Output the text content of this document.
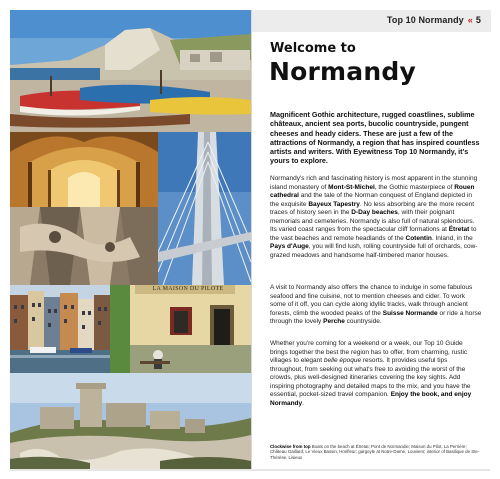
LA MAISON DU PILOTE
Top 10 Normandy « 5
Welcome to
Normandy

Magnificent Gothic architecture, rugged coastlines, sublime châteaux, ancient sea ports, bucolic countryside, pungent cheeses and heady ciders. These are just a few of the attractions of Normandy, a region that has inspired countless artists and writers. With Eyewitness Top 10 Normandy, it's yours to explore.

Normandy's rich and fascinating history is most apparent in the stunning island monastery of Mont-St-Michel, the Gothic masterpiece of Rouen cathedral and the tale of the Norman conquest of England depicted in the exquisite Bayeux Tapestry. No less absorbing are the more recent traces of history seen in the D-Day beaches, with their poignant memorials and cemeteries. Normandy is also full of natural splendours. Its varied coast ranges from the spectacular cliff formations at Étretat to the vast beaches and remote headlands of the Cotentin. Inland, in the Pays d'Auge, you will find lush, rolling countryside full of orchards, cow-grazed meadows and handsome half-timbered manor houses.

A visit to Normandy also offers the chance to indulge in some fabulous seafood and fine cuisine, not to mention cheeses and cider. To work some of it off, you can cycle along idyllic tracks, walk through ancient forests, climb the wooded peaks of the Suisse Normande or ride a horse through the lovely Perche countryside.

Whether you're coming for a weekend or a week, our Top 10 Guide brings together the best the region has to offer, from charming, rustic villages to elegant belle époque resorts. It provides useful tips throughout, from seeking out what's free to avoiding the worst of the crowds, plus well-designed itineraries covering the key sights. Add inspiring photography and detailed maps to the mix, and you have the essential, pocket-sized travel companion. Enjoy the book, and enjoy Normandy.

Clockwise from top Boats on the beach at Étretat; Pont de Normandie; Maison du Pilot, La Perrière; Château Gaillard; Le Vieux Bassin, Honfleur; gargoyle at Notre-Dame, Louviers; interior of Basilique de Ste-Thérèse, Lisieux
